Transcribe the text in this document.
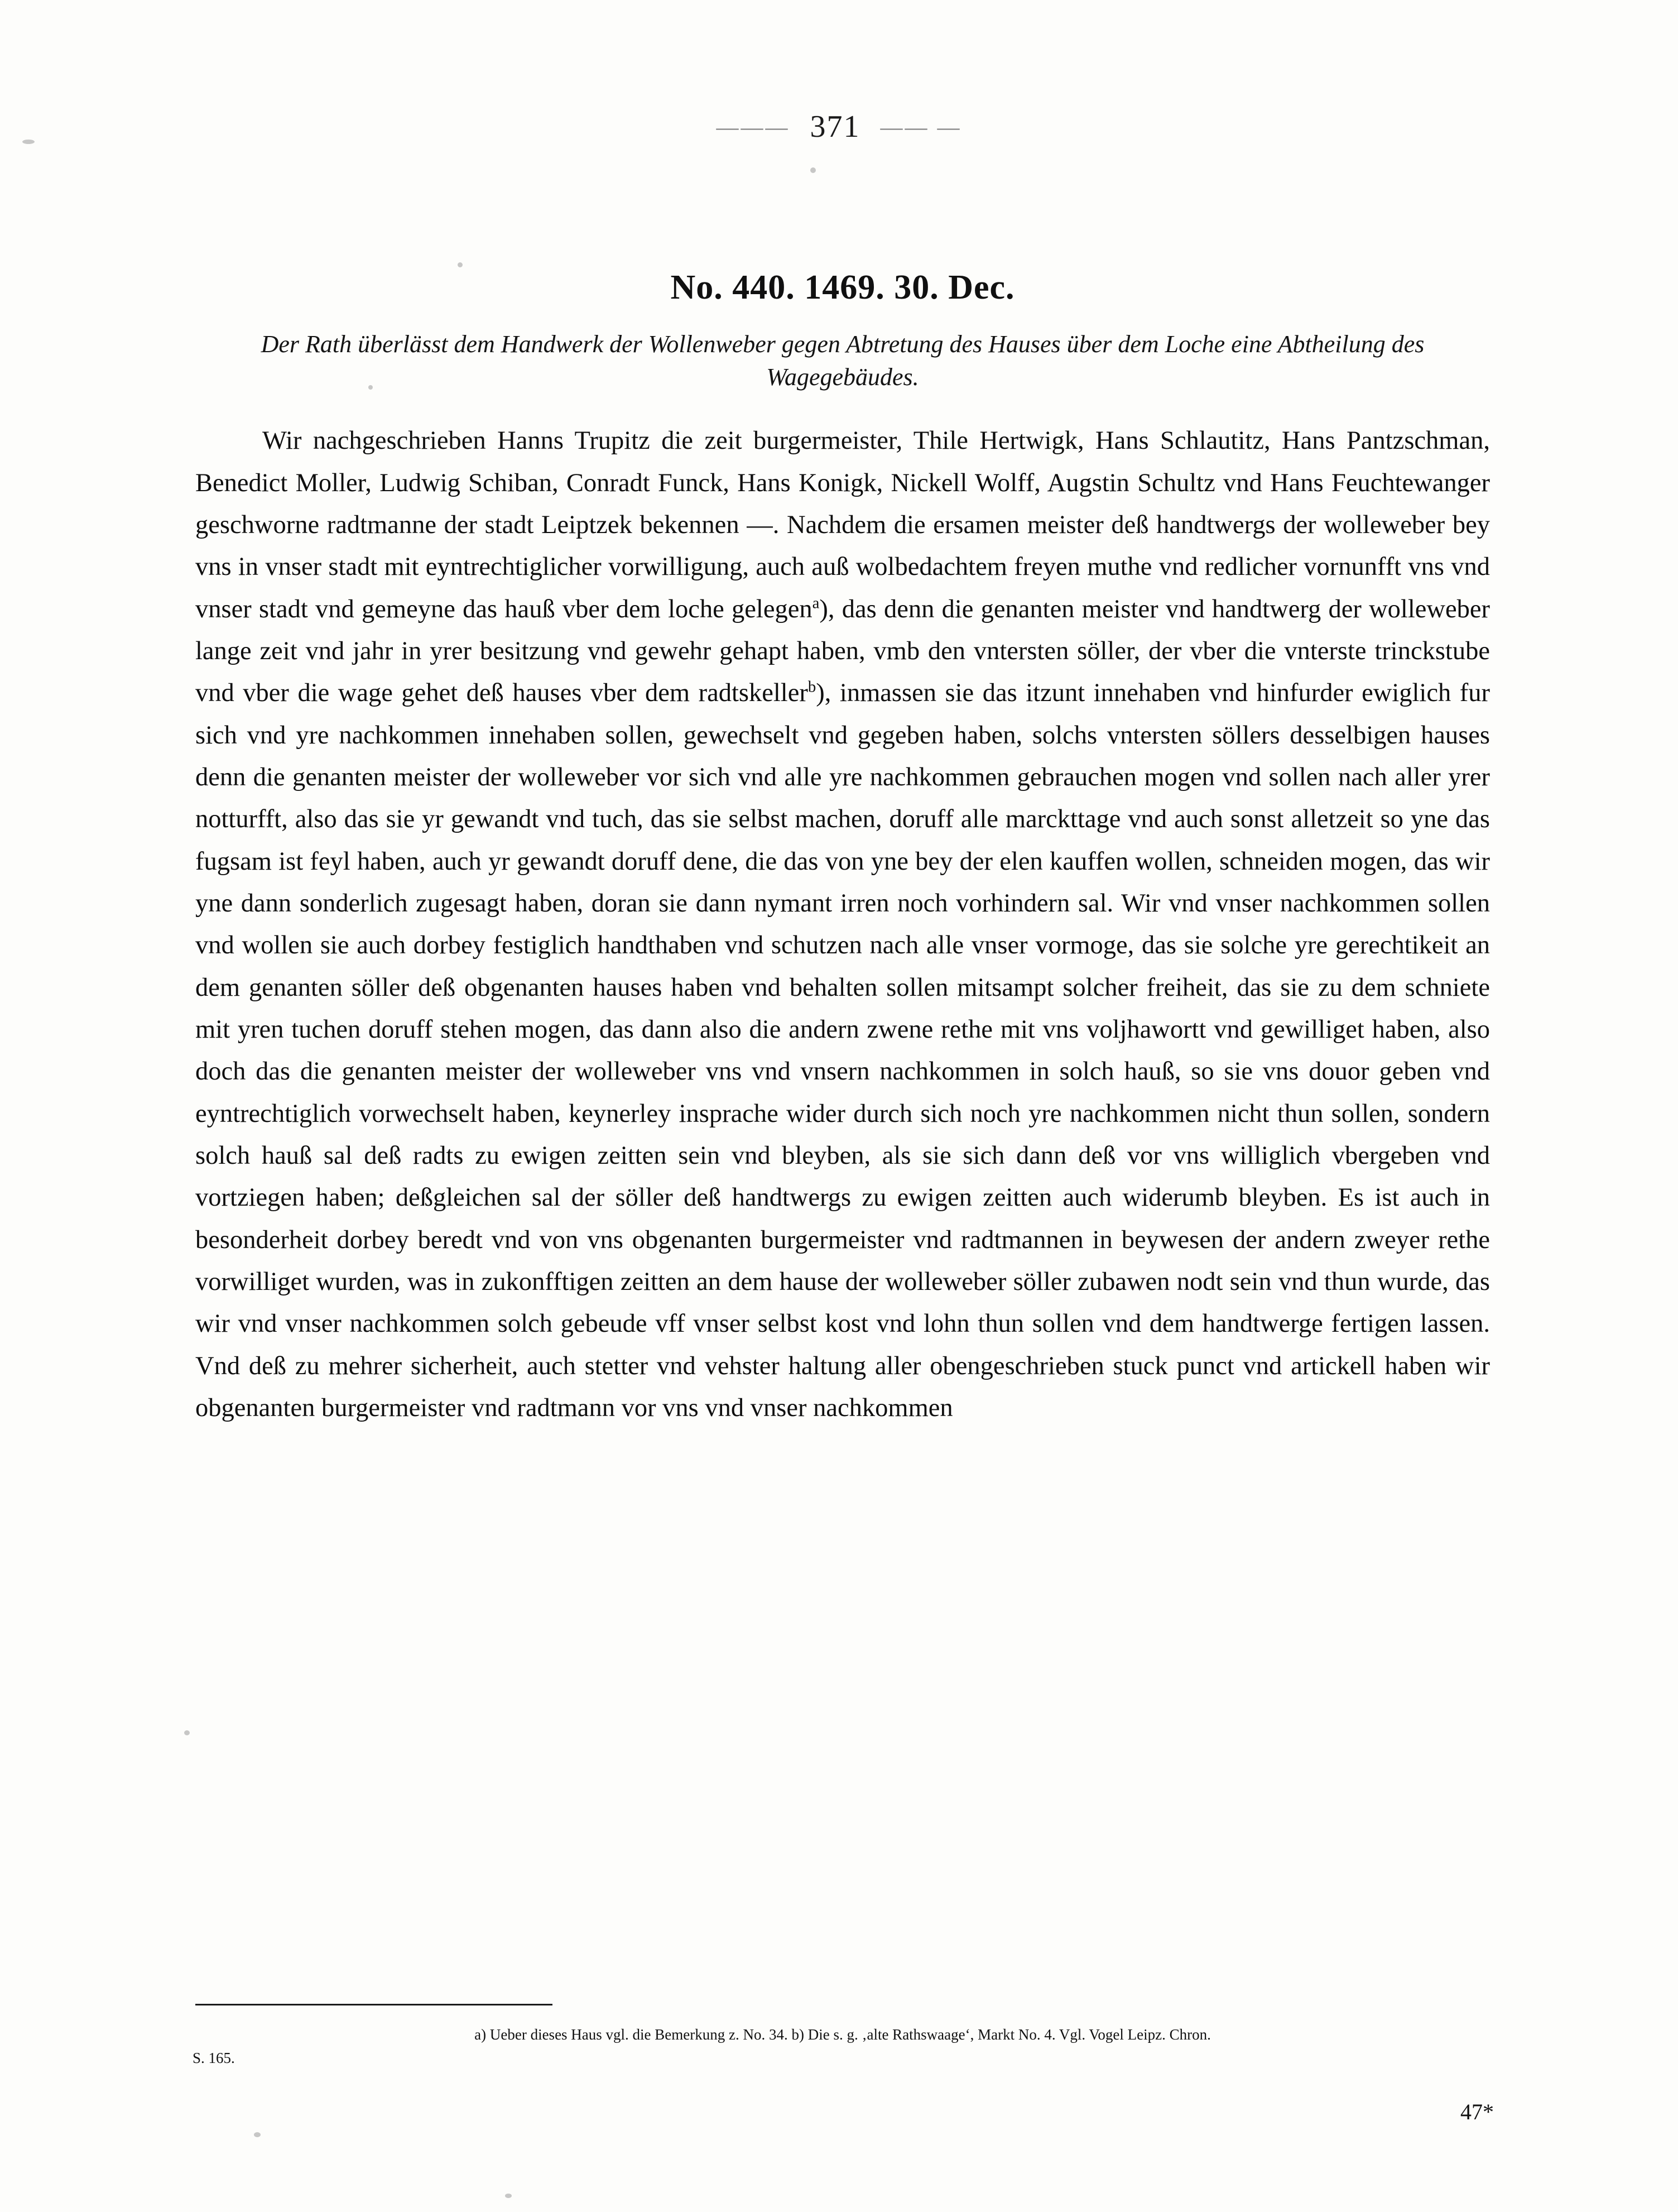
——— 371 —— —
No. 440. 1469. 30. Dec.

Der Rath überlässt dem Handwerk der Wollenweber gegen Abtretung des Hauses über dem Loche eine Abtheilung des Wagegebäudes.

Wir nachgeschrieben Hanns Trupitz die zeit burgermeister, Thile Hertwigk, Hans Schlautitz, Hans Pantzschman, Benedict Moller, Ludwig Schiban, Conradt Funck, Hans Konigk, Nickell Wolff, Augstin Schultz vnd Hans Feuchtewanger geschworne radtmanne der stadt Leiptzek bekennen —. Nachdem die ersamen meister deß handtwergs der wolleweber bey vns in vnser stadt mit eyntrechtiglicher vorwilligung, auch auß wolbedachtem freyen muthe vnd redlicher vornunfft vns vnd vnser stadt vnd gemeyne das hauß vber dem loche gelegen$^a$), das denn die genanten meister vnd handtwerg der wolleweber lange zeit vnd jahr in yrer besitzung vnd gewehr gehapt haben, vmb den vntersten söller, der vber die vnterste trinckstube vnd vber die wage gehet deß hauses vber dem radtskeller$^b$), inmassen sie das itzunt innehaben vnd hinfurder ewiglich fur sich vnd yre nachkommen innehaben sollen, gewechselt vnd gegeben haben, solchs vntersten söllers desselbigen hauses denn die genanten meister der wolleweber vor sich vnd alle yre nachkommen gebrauchen mogen vnd sollen nach aller yrer notturfft, also das sie yr gewandt vnd tuch, das sie selbst machen, doruff alle marckttage vnd auch sonst alletzeit so yne das fugsam ist feyl haben, auch yr gewandt doruff dene, die das von yne bey der elen kauffen wollen, schneiden mogen, das wir yne dann sonderlich zugesagt haben, doran sie dann nymant irren noch vorhindern sal. Wir vnd vnser nachkommen sollen vnd wollen sie auch dorbey festiglich handthaben vnd schutzen nach alle vnser vormoge, das sie solche yre gerechtikeit an dem genanten söller deß obgenanten hauses haben vnd behalten sollen mitsampt solcher freiheit, das sie zu dem schniete mit yren tuchen doruff stehen mogen, das dann also die andern zwene rethe mit vns voljhawortt vnd gewilliget haben, also doch das die genanten meister der wolleweber vns vnd vnsern nachkommen in solch hauß, so sie vns douor geben vnd eyntrechtiglich vorwechselt haben, keynerley insprache wider durch sich noch yre nachkommen nicht thun sollen, sondern solch hauß sal deß radts zu ewigen zeitten sein vnd bleyben, als sie sich dann deß vor vns williglich vbergeben vnd vortziegen haben; deßgleichen sal der söller deß handtwergs zu ewigen zeitten auch widerumb bleyben. Es ist auch in besonderheit dorbey beredt vnd von vns obgenanten burgermeister vnd radtmannen in beywesen der andern zweyer rethe vorwilliget wurden, was in zukonfftigen zeitten an dem hause der wolleweber söller zubawen nodt sein vnd thun wurde, das wir vnd vnser nachkommen solch gebeude vff vnser selbst kost vnd lohn thun sollen vnd dem handtwerge fertigen lassen. Vnd deß zu mehrer sicherheit, auch stetter vnd vehster haltung aller obengeschrieben stuck punct vnd artickell haben wir obgenanten burgermeister vnd radtmann vor vns vnd vnser nachkommen

a) Ueber dieses Haus vgl. die Bemerkung z. No. 34. b) Die s. g. ‚alte Rathswaage‘, Markt No. 4. Vgl. Vogel Leipz. Chron.
S. 165.
47*
